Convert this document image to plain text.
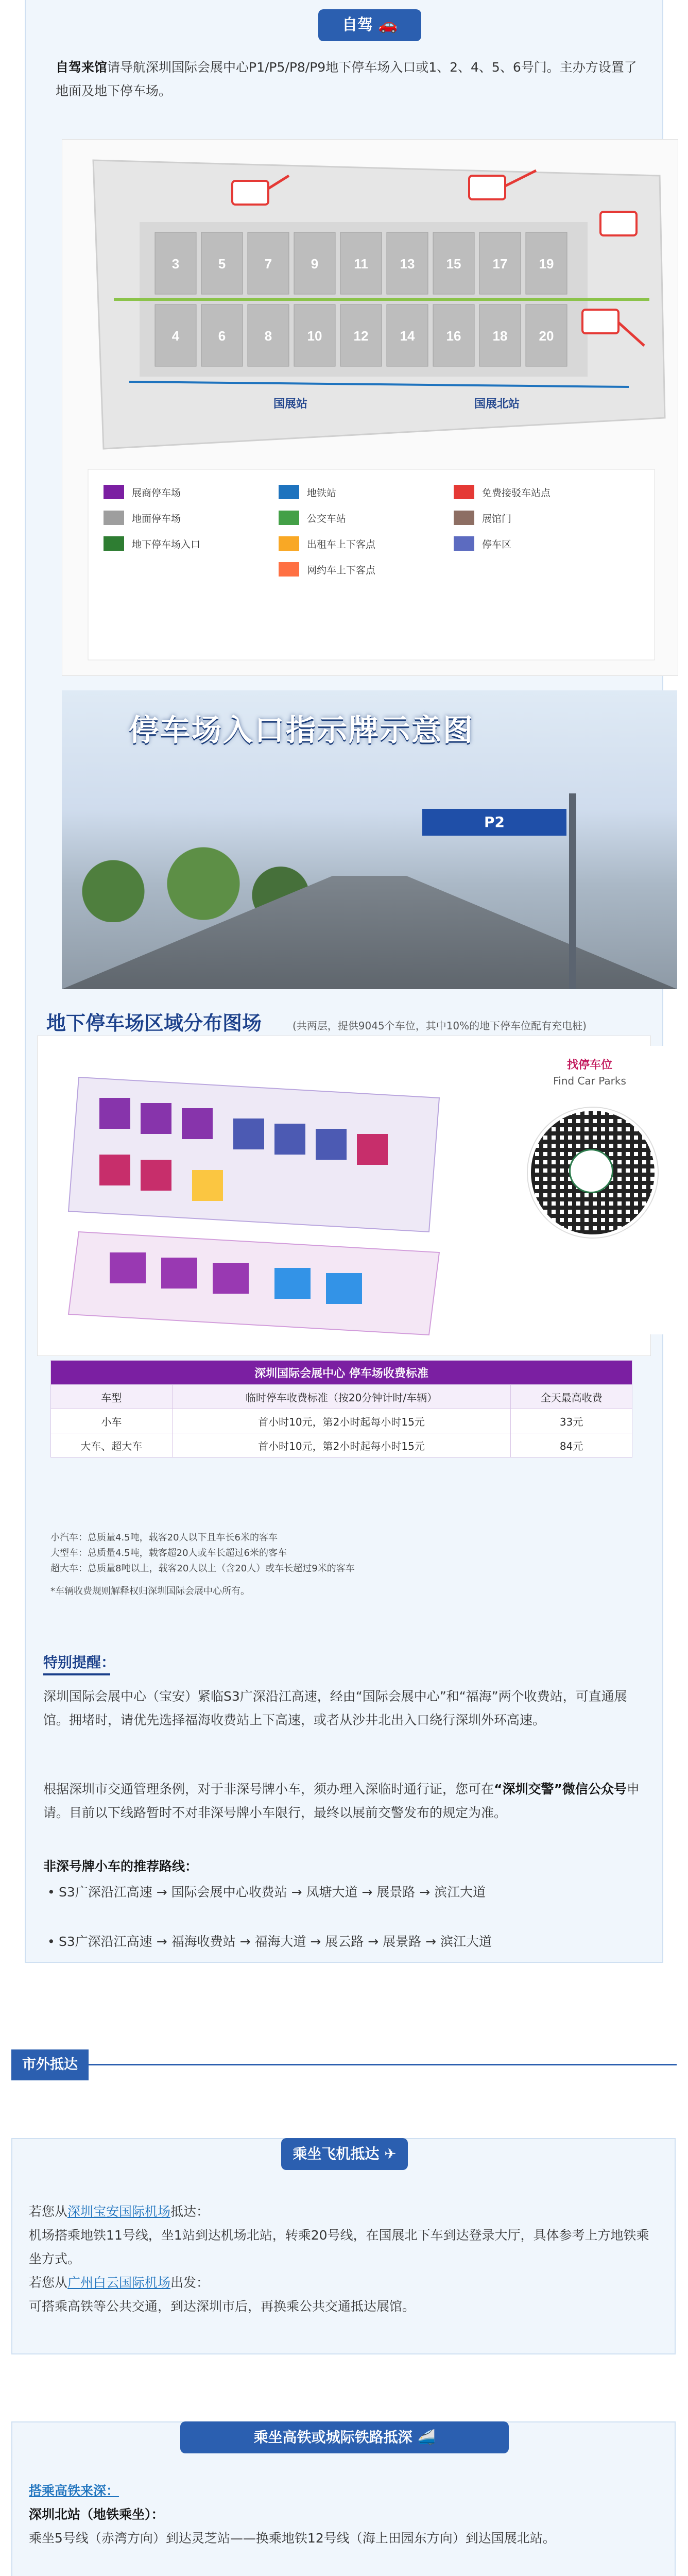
自驾 🚗
自驾来馆请导航深圳国际会展中心P1/P5/P8/P9地下停车场入口或1、2、4、5、6号门。主办方设置了地面及地下停车场。
3	5	7	9	11 13 15 17 19
4	6	8	10 12 14 16 18 20
国展站	国展北站
展商停车场
地面停车场
地下停车场入口
地铁站
公交车站
出租车上下客点
网约车上下客点
免费接驳车站点
展馆门
停车区
P2
停车场入口指示牌示意图
地下停车场区域分布图场	(共两层，提供9045个车位，其中10%的地下停车位配有充电桩)
找停车位
Find Car Parks
深圳国际会展中心 停车场收费标准		
车型	临时停车收费标准（按20分钟计时/车辆）	全天最高收费
小车	首小时10元，第2小时起每小时15元	33元
大车、超大车	首小时10元，第2小时起每小时15元	84元
小汽车：总质量4.5吨，载客20人以下且车长6米的客车
大型车：总质量4.5吨，载客超20人或车长超过6米的客车
超大车：总质量8吨以上，载客20人以上（含20人）或车长超过9米的客车
*车辆收费规则解释权归深圳国际会展中心所有。
特别提醒：
深圳国际会展中心（宝安）紧临S3广深沿江高速，经由“国际会展中心”和“福海”两个收费站，可直通展馆。拥堵时，请优先选择福海收费站上下高速，或者从沙井北出入口绕行深圳外环高速。
根据深圳市交通管理条例，对于非深号牌小车，须办理入深临时通行证，您可在“深圳交警”微信公众号申请。目前以下线路暂时不对非深号牌小车限行，最终以展前交警发布的规定为准。
非深号牌小车的推荐路线：
• S3广深沿江高速 → 国际会展中心收费站 → 凤塘大道 → 展景路 → 滨江大道
• S3广深沿江高速 → 福海收费站 → 福海大道 → 展云路 → 展景路 → 滨江大道
市外抵达
乘坐飞机抵达 ✈
若您从深圳宝安国际机场抵达：
机场搭乘地铁11号线，坐1站到达机场北站，转乘20号线，在国展北下车到达登录大厅，具体参考上方地铁乘坐方式。
若您从广州白云国际机场出发：
可搭乘高铁等公共交通，到达深圳市后，再换乘公共交通抵达展馆。
乘坐高铁或城际铁路抵深 🚄
搭乘高铁来深：
深圳北站（地铁乘坐）：
乘坐5号线（赤湾方向）到达灵芝站——换乘地铁12号线（海上田园东方向）到达国展北站。
